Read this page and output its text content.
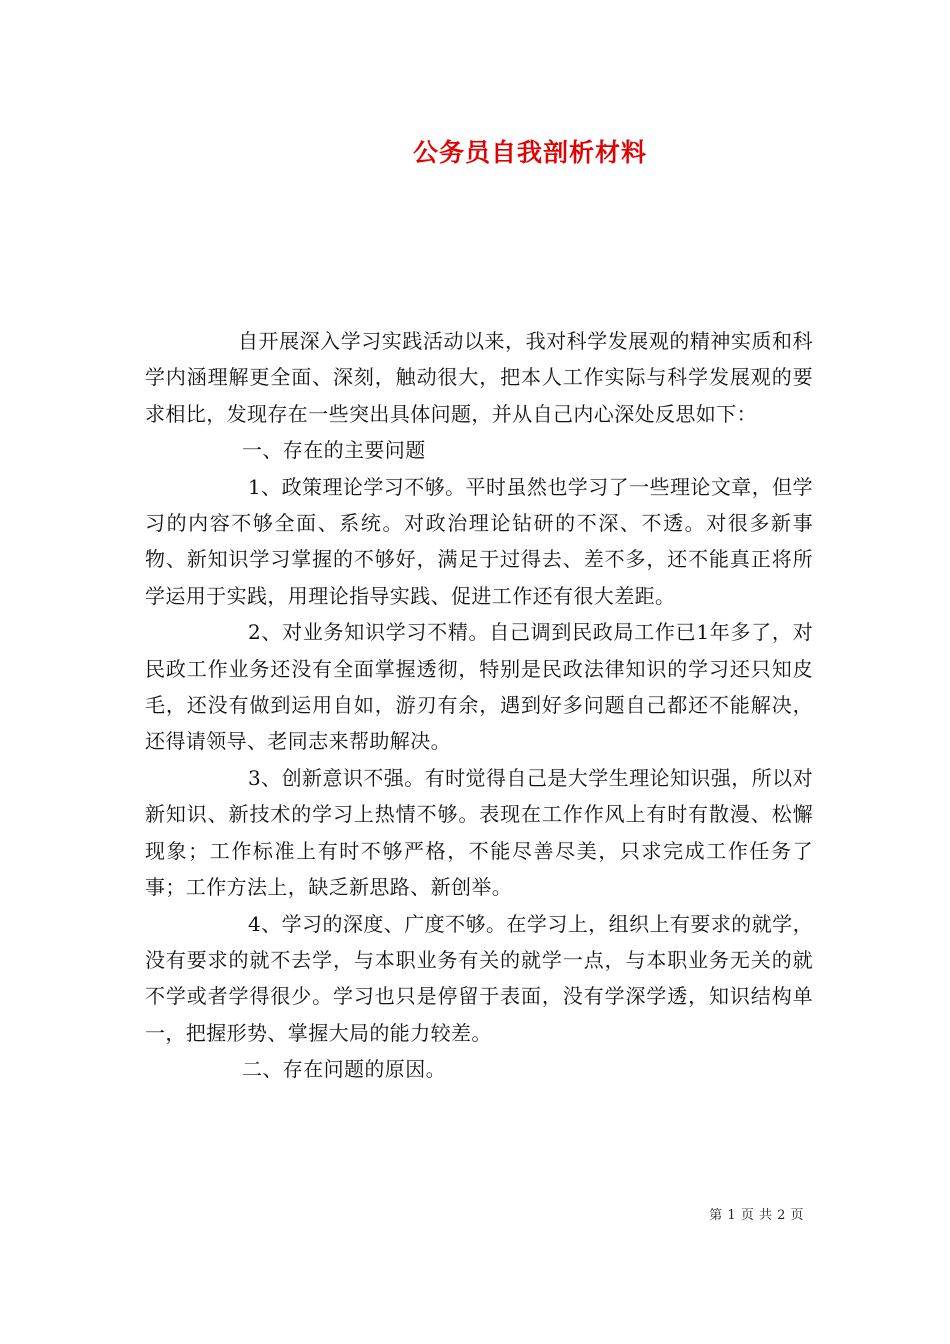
公务员自我剖析材料

自开展深入学习实践活动以来，我对科学发展观的精神实质和科学内涵理解更全面、深刻，触动很大，把本人工作实际与科学发展观的要求相比，发现存在一些突出具体问题，并从自己内心深处反思如下：

一、存在的主要问题

1、政策理论学习不够。平时虽然也学习了一些理论文章，但学习的内容不够全面、系统。对政治理论钻研的不深、不透。对很多新事物、新知识学习掌握的不够好，满足于过得去、差不多，还不能真正将所学运用于实践，用理论指导实践、促进工作还有很大差距。

2、对业务知识学习不精。自己调到民政局工作已1年多了，对民政工作业务还没有全面掌握透彻，特别是民政法律知识的学习还只知皮毛，还没有做到运用自如，游刃有余，遇到好多问题自己都还不能解决，还得请领导、老同志来帮助解决。

3、创新意识不强。有时觉得自己是大学生理论知识强，所以对新知识、新技术的学习上热情不够。表现在工作作风上有时有散漫、松懈现象；工作标准上有时不够严格，不能尽善尽美，只求完成工作任务了事；工作方法上，缺乏新思路、新创举。

4、学习的深度、广度不够。在学习上，组织上有要求的就学，没有要求的就不去学，与本职业务有关的就学一点，与本职业务无关的就不学或者学得很少。学习也只是停留于表面，没有学深学透，知识结构单一，把握形势、掌握大局的能力较差。

二、存在问题的原因。

第 1 页 共 2 页
